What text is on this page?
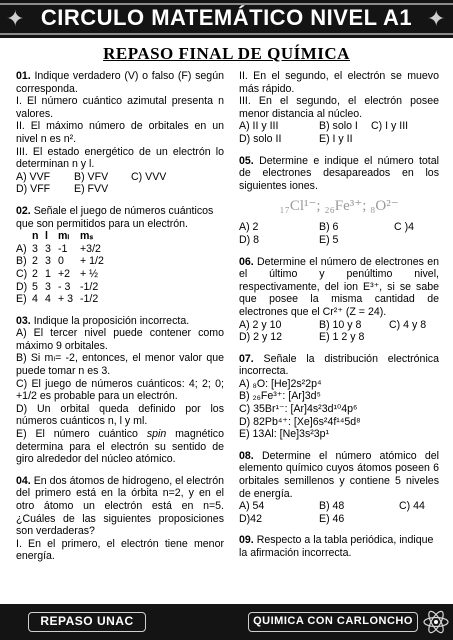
✦	✦
CIRCULO MATEMÁTICO NIVEL A1
REPASO FINAL DE QUÍMICA

01. Indique verdadero (V) o falso (F) según corresponda.

I. El número cuántico azimutal presenta n valores.

II. El máximo número de orbitales en un nivel n es n².

III. El estado energético de un electrón lo determinan n y l.

A) VVF	B) VFV	C) VVV
D) VFF	E) FVV

02. Señale el juego de números cuánticos que son permitidos para un electrón.

n l mₗ	mₛ
A) 3 3 -1	+3/2
B) 2 3 0	+ 1/2
C) 2 1 +2 + ½
D) 5 3 - 3 -1/2
E) 4 4 + 3 -1/2

03. Indique la proposición incorrecta.

A) El tercer nivel puede contener como máximo 9 orbitales.

B) Si mₗ= -2, entonces, el menor valor que puede tomar n es 3.

C) El juego de números cuánticos: 4; 2; 0; +1/2 es probable para un electrón.

D) Un orbital queda definido por los números cuánticos n, l y ml.

E) El número cuántico spin magnético determina para el electrón su sentido de giro alrededor del núcleo atómico.

04. En dos átomos de hidrogeno, el electrón del primero está en la órbita n=2, y en el otro átomo un electrón está en n=5. ¿Cuáles de las siguientes proposiciones son verdaderas?

I. En el primero, el electrón tiene menor energía.

II. En el segundo, el electrón se muevo más rápido.

III. En el segundo, el electrón posee menor distancia al núcleo.

A) II y III	B) solo I	C) I y III
D) solo II	E) I y II

05. Determine e indique el número total de electrones desapareados en los siguientes iones.

₁₇Cl¹⁻; ₂₆Fe³⁺; ₈O²⁻
A) 2	B) 6	C )4
D) 8	E) 5

06. Determine el número de electrones en el último y penúltimo nivel, respectivamente, del ion E³⁺, si se sabe que posee la misma cantidad de electrones que el Cr²⁺ (Z = 24).

A) 2 y 10	B) 10 y 8	C) 4 y 8
D) 2 y 12	E) 1 2 y 8

07. Señale la distribución electrónica incorrecta.

A) ₈O: [He]2s²2p⁴

B) ₂₆Fe³⁺: [Ar]3d⁵

C) 35Br¹⁻: [Ar]4s²3d¹⁰4p⁶

D) 82Pb⁴⁺: [Xe]6s²4f¹⁴5d⁸

E) 13Al: [Ne]3s²3p¹

08. Determine el número atómico del elemento químico cuyos átomos poseen 6 orbitales semillenos y contiene 5 niveles de energía.

A) 54	B) 48	C) 44
D)42	E) 46

09. Respecto a la tabla periódica, indique la afirmación incorrecta.

REPASO UNAC	QUIMICA CON CARLONCHO
